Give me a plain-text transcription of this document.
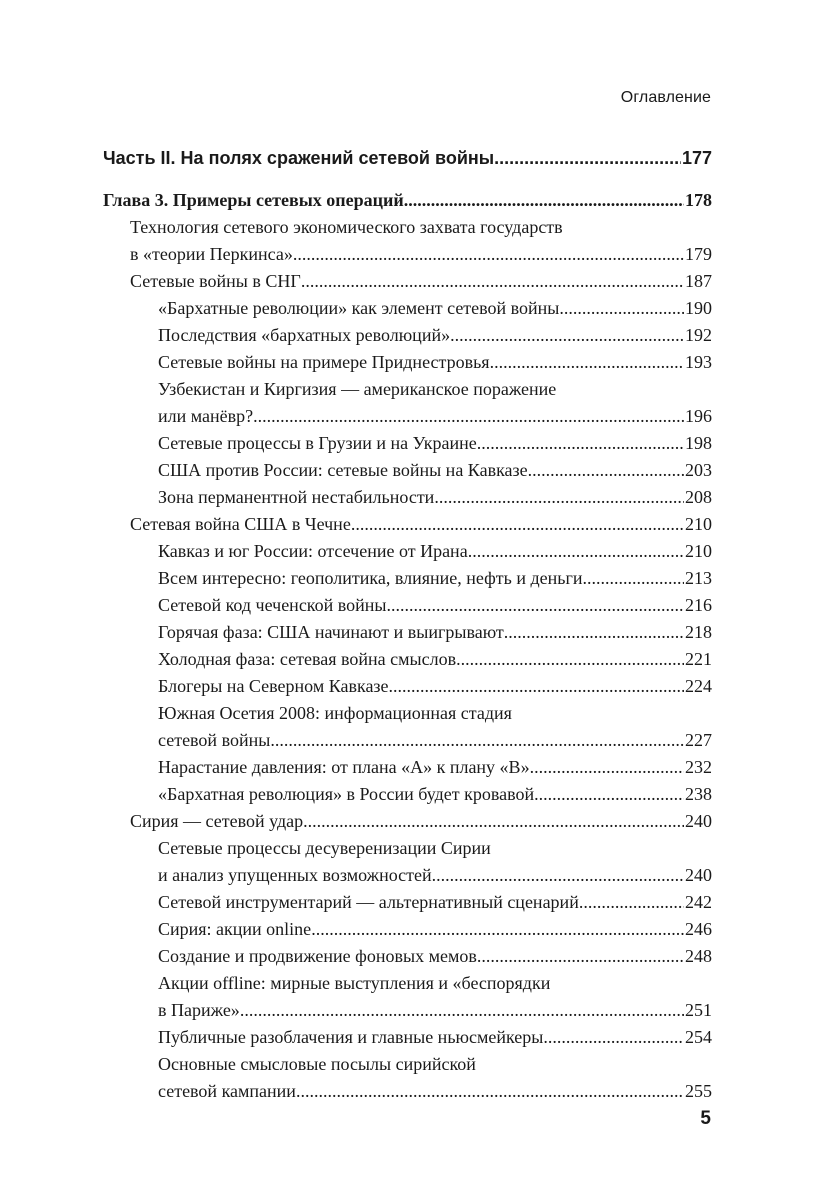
Оглавление
Часть II. На полях сражений сетевой войны .....	177
Глава 3. Примеры сетевых операций .....	178
Технология сетевого экономического захвата государств
в «теории Перкинса» .....	179
Сетевые войны в СНГ .....	187
«Бархатные революции» как элемент сетевой войны .....	190
Последствия «бархатных революций» .....	192
Сетевые войны на примере Приднестровья .....	193
Узбекистан и Киргизия — американское поражение
или манёвр? .....	196
Сетевые процессы в Грузии и на Украине .....	198
США против России: сетевые войны на Кавказе .....	203
Зона перманентной нестабильности .....	208
Сетевая война США в Чечне .....	210
Кавказ и юг России: отсечение от Ирана .....	210
Всем интересно: геополитика, влияние, нефть и деньги .....	213
Сетевой код чеченской войны .....	216
Горячая фаза: США начинают и выигрывают .....	218
Холодная фаза: сетевая война смыслов .....	221
Блогеры на Северном Кавказе .....	224
Южная Осетия 2008: информационная стадия
сетевой войны .....	227
Нарастание давления: от плана «А» к плану «В» .....	232
«Бархатная революция» в России будет кровавой .....	238
Сирия — сетевой удар .....	240
Сетевые процессы десуверенизации Сирии
и анализ упущенных возможностей .....	240
Сетевой инструментарий — альтернативный сценарий .....	242
Сирия: акции online .....	246
Создание и продвижение фоновых мемов .....	248
Акции offline: мирные выступления и «беспорядки
в Париже» .....	251
Публичные разоблачения и главные ньюсмейкеры .....	254
Основные смысловые посылы сирийской
сетевой кампании .....	255
5
